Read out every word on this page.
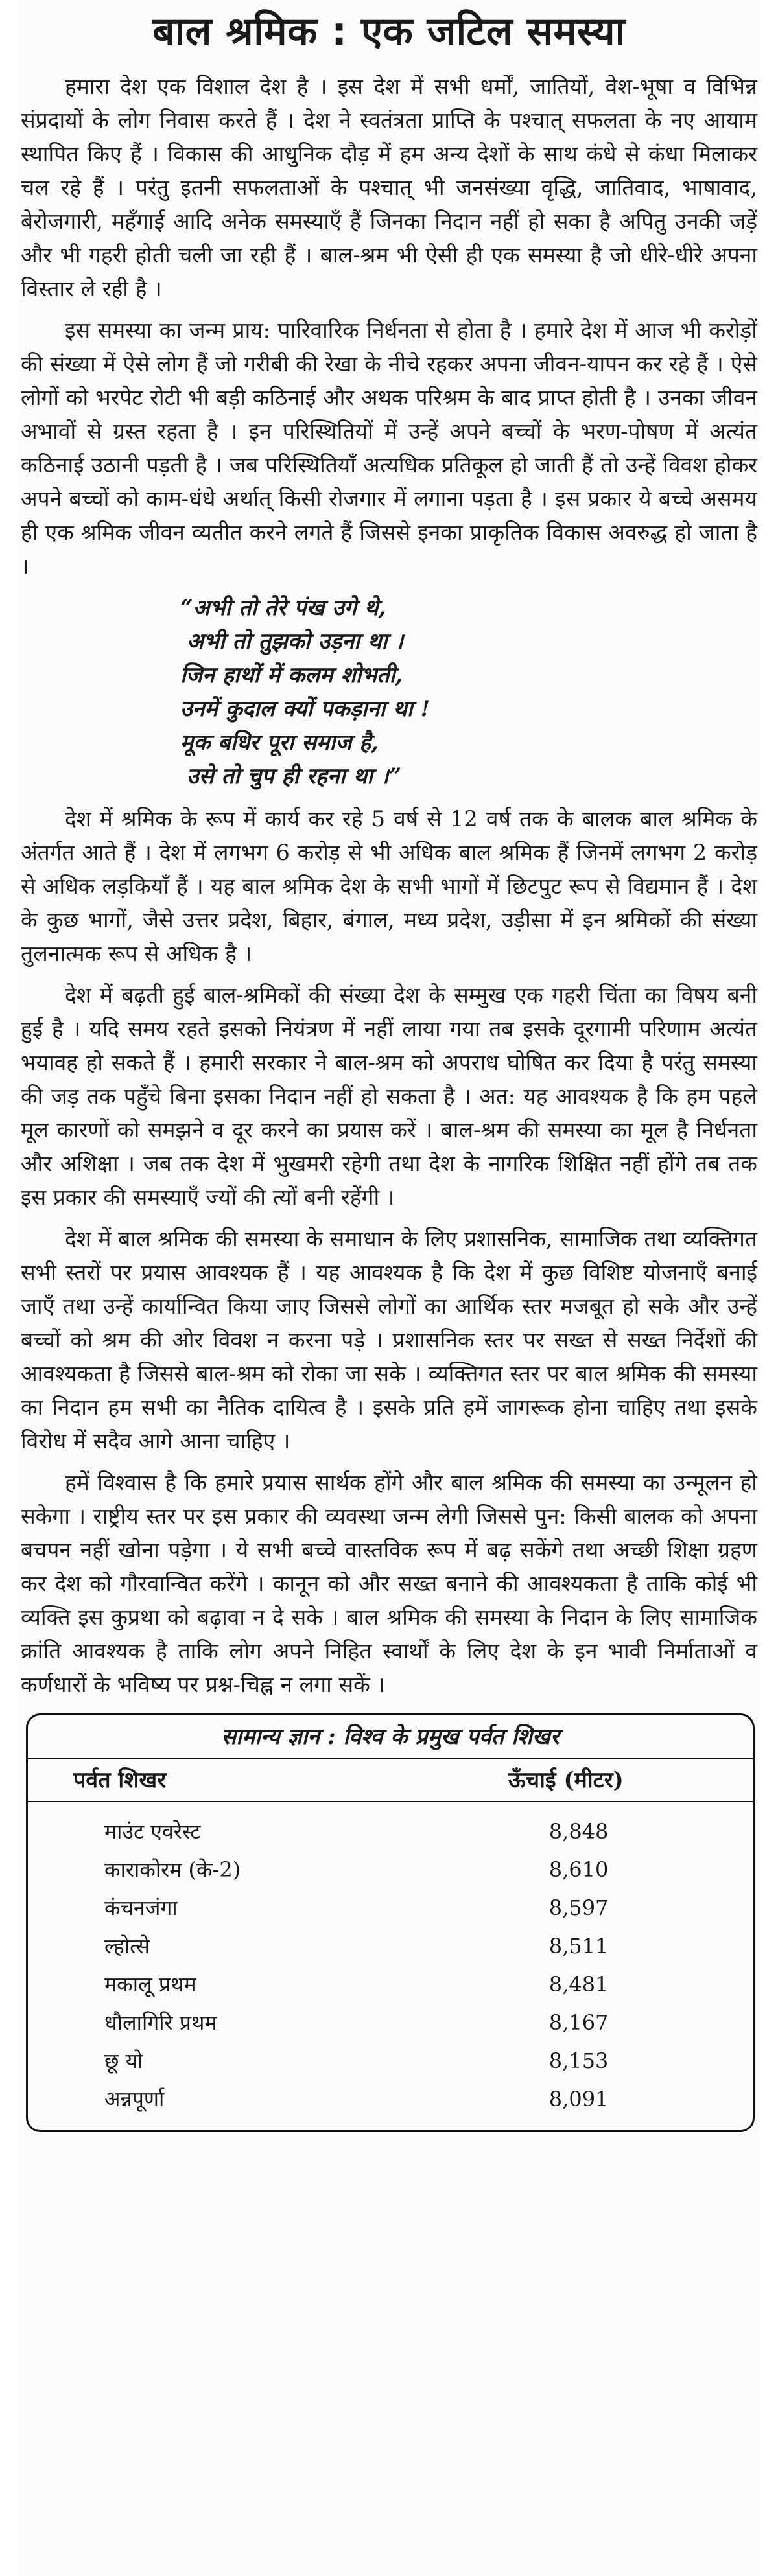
बाल श्रमिक : एक जटिल समस्या

हमारा देश एक विशाल देश है । इस देश में सभी धर्मों, जातियों, वेश-भूषा व विभिन्न संप्रदायों के लोग निवास करते हैं । देश ने स्वतंत्रता प्राप्ति के पश्चात् सफलता के नए आयाम स्थापित किए हैं । विकास की आधुनिक दौड़ में हम अन्य देशों के साथ कंधे से कंधा मिलाकर चल रहे हैं । परंतु इतनी सफलताओं के पश्चात् भी जनसंख्या वृद्धि, जातिवाद, भाषावाद, बेरोजगारी, महँगाई आदि अनेक समस्याएँ हैं जिनका निदान नहीं हो सका है अपितु उनकी जड़ें और भी गहरी होती चली जा रही हैं । बाल-श्रम भी ऐसी ही एक समस्या है जो धीरे-धीरे अपना विस्तार ले रही है ।

इस समस्या का जन्म प्राय: पारिवारिक निर्धनता से होता है । हमारे देश में आज भी करोड़ों की संख्या में ऐसे लोग हैं जो गरीबी की रेखा के नीचे रहकर अपना जीवन-यापन कर रहे हैं । ऐसे लोगों को भरपेट रोटी भी बड़ी कठिनाई और अथक परिश्रम के बाद प्राप्त होती है । उनका जीवन अभावों से ग्रस्त रहता है । इन परिस्थितियों में उन्हें अपने बच्चों के भरण-पोषण में अत्यंत कठिनाई उठानी पड़ती है । जब परिस्थितियाँ अत्यधिक प्रतिकूल हो जाती हैं तो उन्हें विवश होकर अपने बच्चों को काम-धंधे अर्थात् किसी रोजगार में लगाना पड़ता है । इस प्रकार ये बच्चे असमय ही एक श्रमिक जीवन व्यतीत करने लगते हैं जिससे इनका प्राकृतिक विकास अवरुद्ध हो जाता है ।

“अभी तो तेरे पंख उगे थे,
अभी तो तुझको उड़ना था ।
जिन हाथों में कलम शोभती,
उनमें कुदाल क्यों पकड़ाना था !
मूक बधिर पूरा समाज है,
उसे तो चुप ही रहना था ।”

देश में श्रमिक के रूप में कार्य कर रहे 5 वर्ष से 12 वर्ष तक के बालक बाल श्रमिक के अंतर्गत आते हैं । देश में लगभग 6 करोड़ से भी अधिक बाल श्रमिक हैं जिनमें लगभग 2 करोड़ से अधिक लड़कियाँ हैं । यह बाल श्रमिक देश के सभी भागों में छिटपुट रूप से विद्यमान हैं । देश के कुछ भागों, जैसे उत्तर प्रदेश, बिहार, बंगाल, मध्य प्रदेश, उड़ीसा में इन श्रमिकों की संख्या तुलनात्मक रूप से अधिक है ।

देश में बढ़ती हुई बाल-श्रमिकों की संख्या देश के सम्मुख एक गहरी चिंता का विषय बनी हुई है । यदि समय रहते इसको नियंत्रण में नहीं लाया गया तब इसके दूरगामी परिणाम अत्यंत भयावह हो सकते हैं । हमारी सरकार ने बाल-श्रम को अपराध घोषित कर दिया है परंतु समस्या की जड़ तक पहुँचे बिना इसका निदान नहीं हो सकता है । अत: यह आवश्यक है कि हम पहले मूल कारणों को समझने व दूर करने का प्रयास करें । बाल-श्रम की समस्या का मूल है निर्धनता और अशिक्षा । जब तक देश में भुखमरी रहेगी तथा देश के नागरिक शिक्षित नहीं होंगे तब तक इस प्रकार की समस्याएँ ज्यों की त्यों बनी रहेंगी ।

देश में बाल श्रमिक की समस्या के समाधान के लिए प्रशासनिक, सामाजिक तथा व्यक्तिगत सभी स्तरों पर प्रयास आवश्यक हैं । यह आवश्यक है कि देश में कुछ विशिष्ट योजनाएँ बनाई जाएँ तथा उन्हें कार्यान्वित किया जाए जिससे लोगों का आर्थिक स्तर मजबूत हो सके और उन्हें बच्चों को श्रम की ओर विवश न करना पड़े । प्रशासनिक स्तर पर सख्त से सख्त निर्देशों की आवश्यकता है जिससे बाल-श्रम को रोका जा सके । व्यक्तिगत स्तर पर बाल श्रमिक की समस्या का निदान हम सभी का नैतिक दायित्व है । इसके प्रति हमें जागरूक होना चाहिए तथा इसके विरोध में सदैव आगे आना चाहिए ।

हमें विश्वास है कि हमारे प्रयास सार्थक होंगे और बाल श्रमिक की समस्या का उन्मूलन हो सकेगा । राष्ट्रीय स्तर पर इस प्रकार की व्यवस्था जन्म लेगी जिससे पुन: किसी बालक को अपना बचपन नहीं खोना पड़ेगा । ये सभी बच्चे वास्तविक रूप में बढ़ सकेंगे तथा अच्छी शिक्षा ग्रहण कर देश को गौरवान्वित करेंगे । कानून को और सख्त बनाने की आवश्यकता है ताकि कोई भी व्यक्ति इस कुप्रथा को बढ़ावा न दे सके । बाल श्रमिक की समस्या के निदान के लिए सामाजिक क्रांति आवश्यक है ताकि लोग अपने निहित स्वार्थों के लिए देश के इन भावी निर्माताओं व कर्णधारों के भविष्य पर प्रश्न-चिह्न न लगा सकें ।

सामान्य ज्ञान : विश्व के प्रमुख पर्वत शिखर
पर्वत शिखर	ऊँचाई (मीटर)
माउंट एवरेस्ट	8,848
काराकोरम (के-2)	8,610
कंचनजंगा	8,597
ल्होत्से	8,511
मकालू प्रथम	8,481
धौलागिरि प्रथम	8,167
छू यो	8,153
अन्नपूर्णा	8,091
